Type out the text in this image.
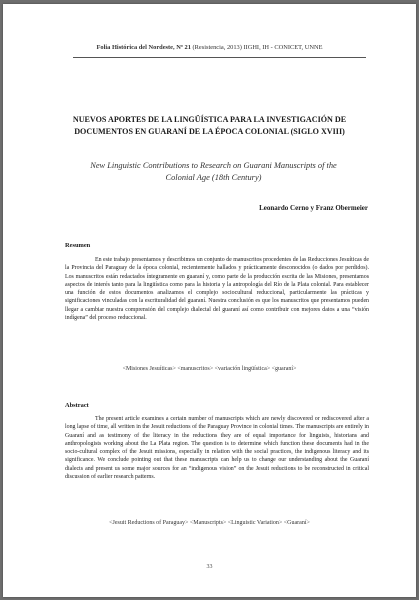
Folia Histórica del Nordeste, Nº 21 (Resistencia, 2013) IIGHI, IH - CONICET, UNNE
NUEVOS APORTES DE LA LINGÜÍSTICA PARA LA INVESTIGACIÓN DE
DOCUMENTOS EN GUARANÍ DE LA ÉPOCA COLONIAL (SIGLO XVIII)
New Linguistic Contributions to Research on Guarani Manuscripts of the
Colonial Age (18th Century)
Leonardo Cerno y Franz Obermeier
Resumen

En este trabajo presentamos y describimos un conjunto de manuscritos procedentes de las Reducciones Jesuíticas de la Provincia del Paraguay de la época colonial, recientemente hallados y prácticamente desconocidos (o dados por perdidos). Los manuscritos están redactados íntegramente en guaraní y, como parte de la producción escrita de las Misiones, presentamos aspectos de interés tanto para la lingüística como para la historia y la antropología del Río de la Plata colonial. Para establecer una función de estos documentos analizamos el complejo sociocultural reduccional, particularmente las prácticas y significaciones vinculadas con la escrituralidad del guaraní. Nuestra conclusión es que los manuscritos que presentamos pueden llegar a cambiar nuestra comprensión del complejo dialectal del guaraní así como contribuir con mejores datos a una “visión indígena” del proceso reduccional.

<Misiones Jesuíticas> <manuscritos> <variación lingüística> <guaraní>
Abstract

The present article examines a certain number of manuscripts which are newly discovered or rediscovered after a long lapse of time, all written in the Jesuit reductions of the Paraguay Province in colonial times. The manuscripts are entirely in Guaraní and as testimony of the literacy in the reductions they are of equal importance for linguists, historians and anthropologists working about the La Plata region. The question is to determine which function these documents had in the socio-cultural complex of the Jesuit missions, especially in relation with the social practices, the indigenous literacy and its significance. We conclude pointing out that these manuscripts can help us to change our understanding about the Guaraní dialects and present us some major sources for an “indigenous vision” on the Jesuit reductions to be reconstructed in critical discussion of earlier research patterns.

<Jesuit Reductions of Paraguay> <Manuscripts> <Linguistic Variation> <Guaraní>
33
